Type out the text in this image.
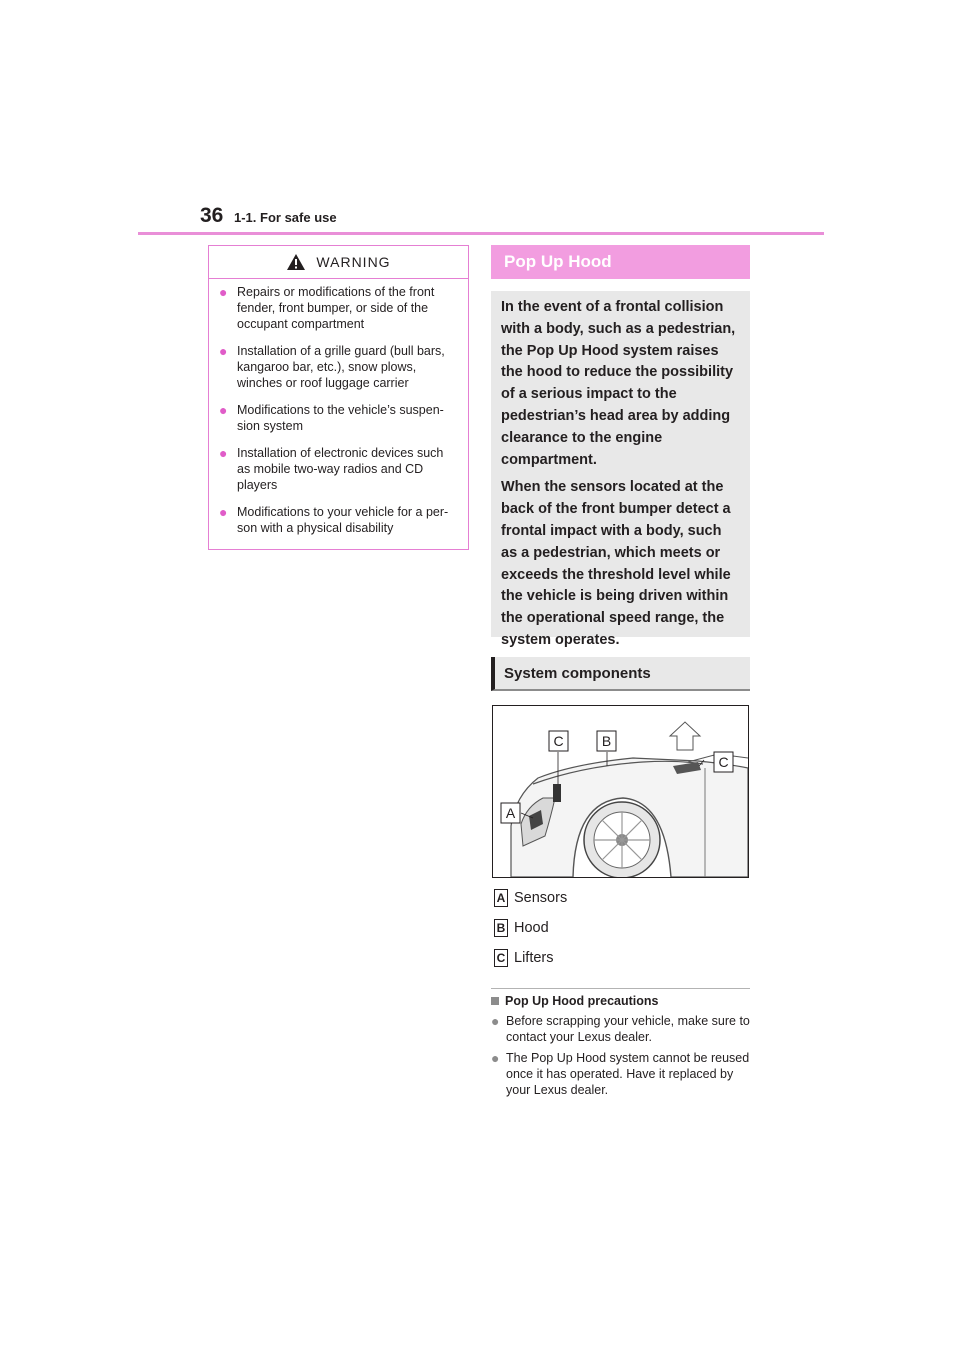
36 1-1. For safe use
WARNING
● Repairs or modifications of the front fender, front bumper, or side of the occupant compartment
● Installation of a grille guard (bull bars, kangaroo bar, etc.), snow plows, winches or roof luggage carrier
● Modifications to the vehicle’s suspen-sion system
● Installation of electronic devices such as mobile two-way radios and CD players
● Modifications to your vehicle for a per-son with a physical disability
Pop Up Hood

In the event of a frontal collision with a body, such as a pedestrian, the Pop Up Hood system raises the hood to reduce the possibility of a serious impact to the pedestrian’s head area by adding clearance to the engine compartment.

When the sensors located at the back of the front bumper detect a frontal impact with a body, such as a pedestrian, which meets or exceeds the threshold level while the vehicle is being driven within the operational speed range, the system operates.

System components
C	B
C
A
A Sensors
B Hood
C Lifters
Pop Up Hood precautions
● Before scrapping your vehicle, make sure to contact your Lexus dealer.
● The Pop Up Hood system cannot be reused once it has operated. Have it replaced by your Lexus dealer.
